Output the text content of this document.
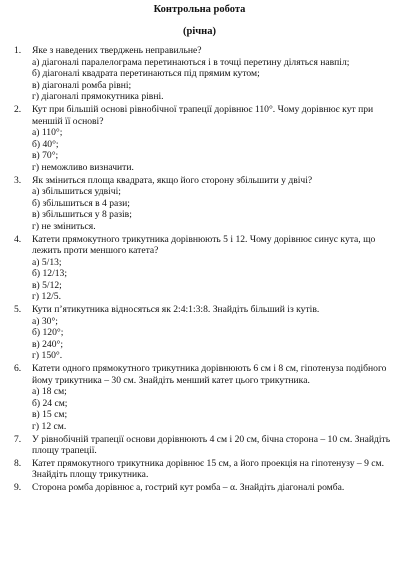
Контрольна робота
(річна)
1. Яке з наведених тверджень неправильне?
а) діагоналі паралелограма перетинаються і в точці перетину діляться навпіл;
б) діагоналі квадрата перетинаються під прямим кутом;
в) діагоналі ромба рівні;
г) діагоналі прямокутника рівні.
2. Кут при більшій основі рівнобічної трапеції дорівнює 110°. Чому дорівнює кут при меншій її основі?
а) 110°;
б) 40°;
в) 70°;
г) неможливо визначити.
3. Як зміниться площа квадрата, якщо його сторону збільшити у двічі?
а) збільшиться удвічі;
б) збільшиться в 4 рази;
в) збільшиться у 8 разів;
г) не зміниться.
4. Катети прямокутного трикутника дорівнюють 5 і 12. Чому дорівнює синус кута, що лежить проти меншого катета?
а) 5/13;
б) 12/13;
в) 5/12;
г) 12/5.
5. Кути п’ятикутника відносяться як 2:4:1:3:8. Знайдіть більший із кутів.
а) 30°;
б) 120°;
в) 240°;
г) 150°.
6. Катети одного прямокутного трикутника дорівнюють 6 см і 8 см, гіпотенуза подібного йому трикутника – 30 см. Знайдіть менший катет цього трикутника.
а) 18 см;
б) 24 см;
в) 15 см;
г) 12 см.
7. У рівнобічній трапеції основи дорівнюють 4 см і 20 см, бічна сторона – 10 см. Знайдіть площу трапеції.
8. Катет прямокутного трикутника дорівнює 15 см, а його проекція на гіпотенузу – 9 см. Знайдіть площу трикутника.
9. Сторона ромба дорівнює a, гострий кут ромба – α. Знайдіть діагоналі ромба.
